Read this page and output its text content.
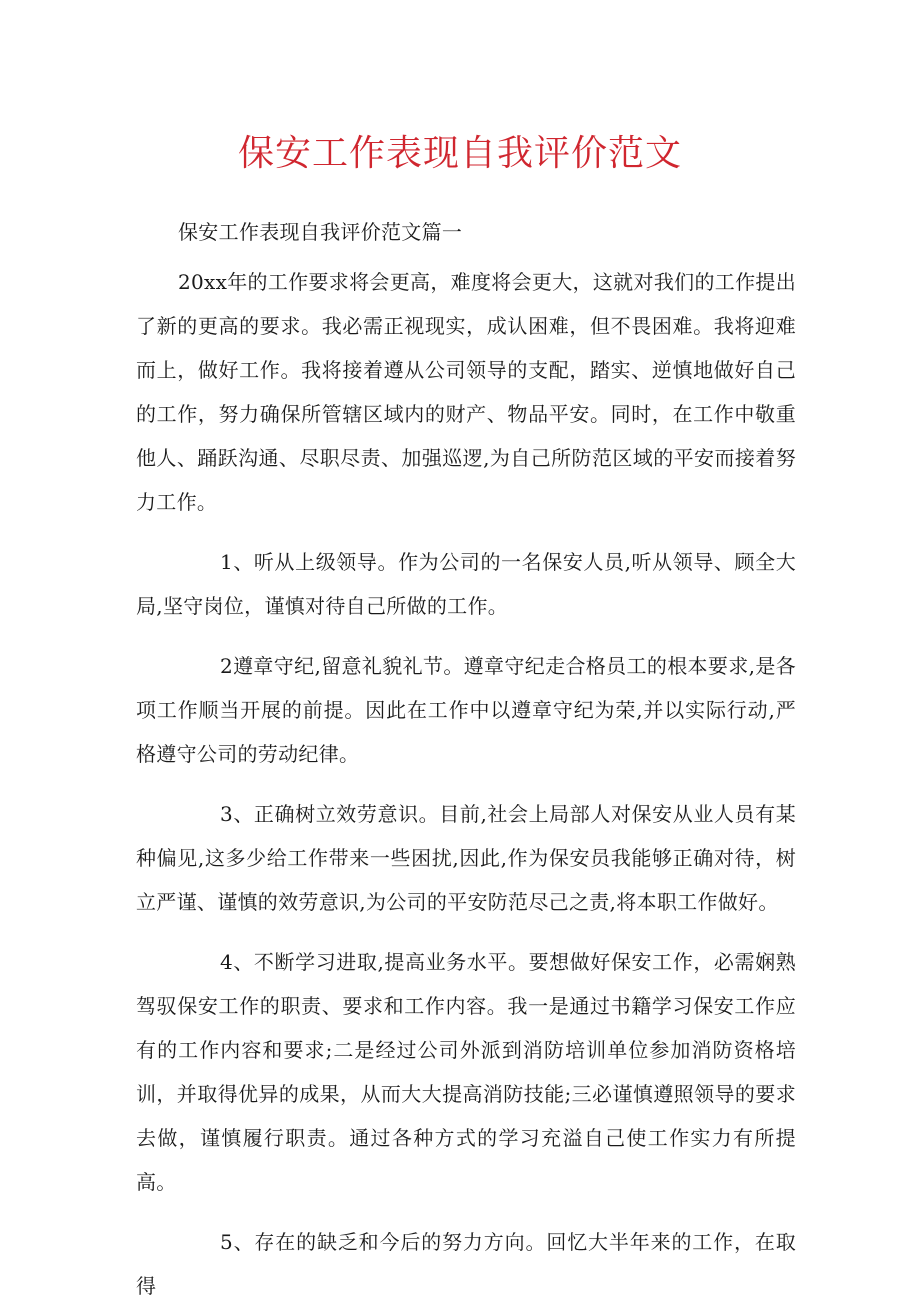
保安工作表现自我评价范文

保安工作表现自我评价范文篇一

20xx年的工作要求将会更高，难度将会更大，这就对我们的工作提出了新的更高的要求。我必需正视现实，成认困难，但不畏困难。我将迎难而上，做好工作。我将接着遵从公司领导的支配，踏实、逆慎地做好自己的工作，努力确保所管辖区域内的财产、物品平安。同时，在工作中敬重他人、踊跃沟通、尽职尽责、加强巡逻,为自己所防范区域的平安而接着努力工作。

1、听从上级领导。作为公司的一名保安人员,听从领导、顾全大局,坚守岗位，谨慎对待自己所做的工作。

2遵章守纪,留意礼貌礼节。遵章守纪走合格员工的根本要求,是各项工作顺当开展的前提。因此在工作中以遵章守纪为荣,并以实际行动,严格遵守公司的劳动纪律。

3、正确树立效劳意识。目前,社会上局部人对保安从业人员有某种偏见,这多少给工作带来一些困扰,因此,作为保安员我能够正确对待，树立严谨、谨慎的效劳意识,为公司的平安防范尽己之责,将本职工作做好。

4、不断学习进取,提高业务水平。要想做好保安工作，必需娴熟驾驭保安工作的职责、要求和工作内容。我一是通过书籍学习保安工作应有的工作内容和要求;二是经过公司外派到消防培训单位参加消防资格培训，并取得优异的成果，从而大大提高消防技能;三必谨慎遵照领导的要求去做，谨慎履行职责。通过各种方式的学习充溢自己使工作实力有所提高。

5、存在的缺乏和今后的努力方向。回忆大半年来的工作，在取得
